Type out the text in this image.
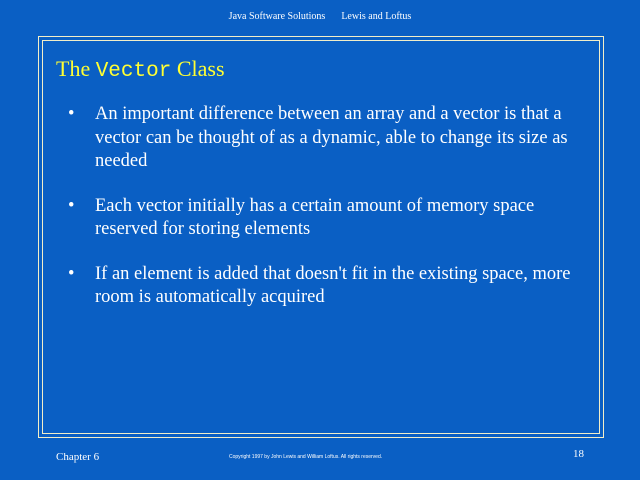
Java Software Solutions Lewis and Loftus
The Vector Class
• An important difference between an array and a vector is that a vector can be thought of as a dynamic, able to change its size as needed
• Each vector initially has a certain amount of memory space reserved for storing elements
• If an element is added that doesn't fit in the existing space, more room is automatically acquired
Chapter 6	Copyright 1997 by John Lewis and William Loftus. All rights reserved.	18
